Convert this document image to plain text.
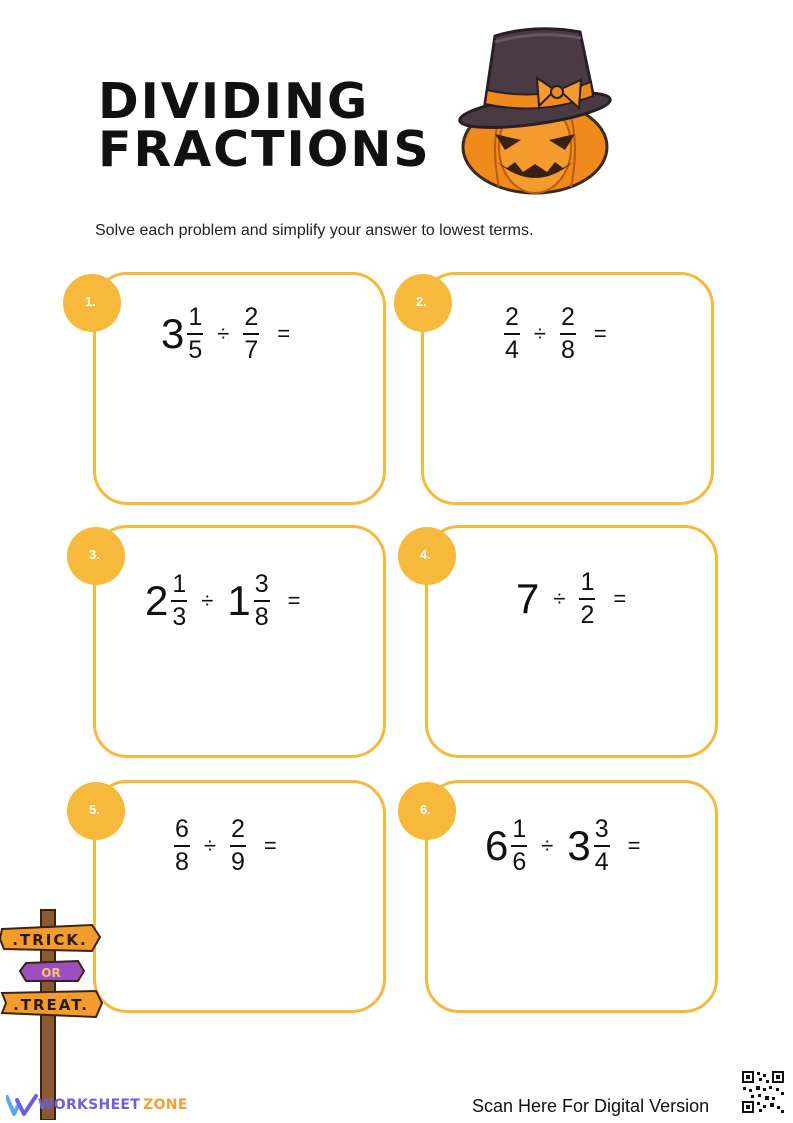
DIVIDING
FRACTIONS
Solve each problem and simplify your answer to lowest terms.
1.
$3 \frac{1}{5} \div \frac{2}{7}$ =
2.
$\frac{2}{4} \div \frac{2}{8}$ =
3.
$2 \frac{1}{3} \div 1 \frac{3}{8}$ =
4.
$7 \div \frac{1}{2}$ =
5.
$\frac{6}{8} \div \frac{2}{9}$ =
6.
$6 \frac{1}{6} \div 3 \frac{3}{4}$ =
.TRICK.
OR
.TREAT.
WORKSHEET ZONE	Scan Here For Digital Version
